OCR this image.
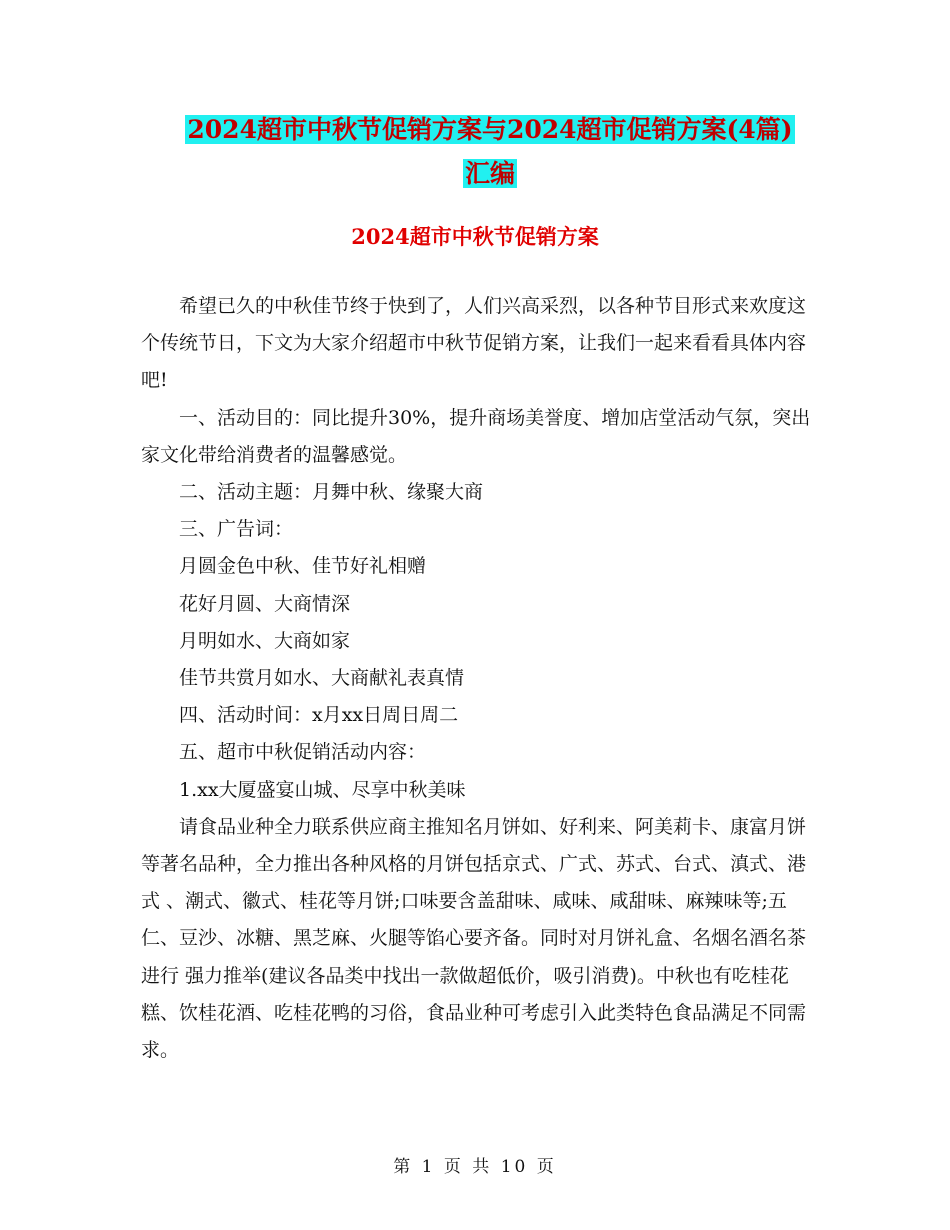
2024超市中秋节促销方案与2024超市促销方案(4篇)
汇编
2024超市中秋节促销方案

希望已久的中秋佳节终于快到了，人们兴高采烈，以各种节目形式来欢度这个传统节日，下文为大家介绍超市中秋节促销方案，让我们一起来看看具体内容吧!

一、活动目的：同比提升30%，提升商场美誉度、增加店堂活动气氛，突出家文化带给消费者的温馨感觉。

二、活动主题：月舞中秋、缘聚大商

三、广告词：

月圆金色中秋、佳节好礼相赠

花好月圆、大商情深

月明如水、大商如家

佳节共赏月如水、大商献礼表真情

四、活动时间：x月xx日周日周二

五、超市中秋促销活动内容：

1.xx大厦盛宴山城、尽享中秋美味

请食品业种全力联系供应商主推知名月饼如、好利来、阿美莉卡、康富月饼等著名品种，全力推出各种风格的月饼包括京式、广式、苏式、台式、滇式、港式 、潮式、徽式、桂花等月饼;口味要含盖甜味、咸味、咸甜味、麻辣味等;五仁、豆沙、冰糖、黑芝麻、火腿等馅心要齐备。同时对月饼礼盒、名烟名酒名茶进行 强力推举(建议各品类中找出一款做超低价，吸引消费)。中秋也有吃桂花糕、饮桂花酒、吃桂花鸭的习俗，食品业种可考虑引入此类特色食品满足不同需求。

第 1 页 共 10 页
